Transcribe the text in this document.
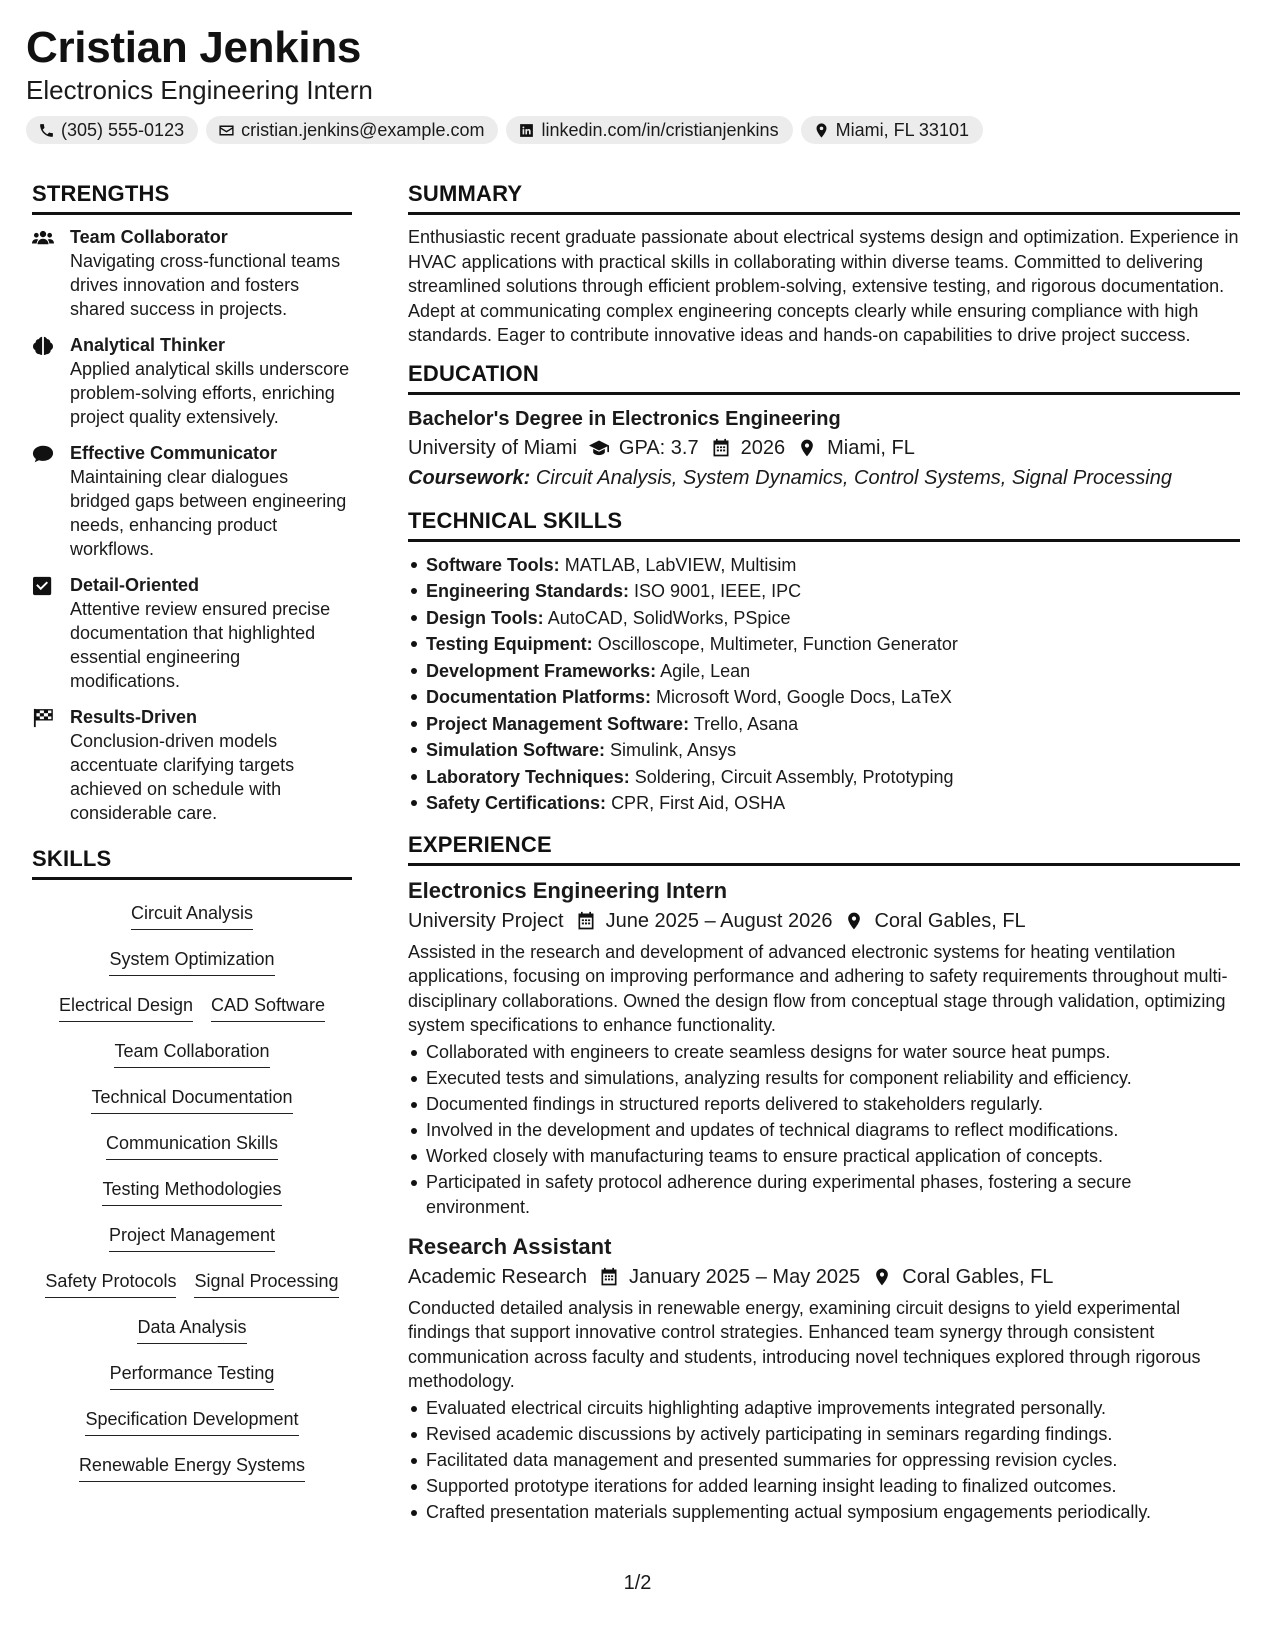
Cristian Jenkins
Electronics Engineering Intern
(305) 555-0123	cristian.jenkins@example.com	linkedin.com/in/cristianjenkins	Miami, FL 33101
STRENGTHS
Team Collaborator
Navigating cross-functional teams drives innovation and fosters shared success in projects.
Analytical Thinker
Applied analytical skills underscore problem-solving efforts, enriching project quality extensively.
Effective Communicator
Maintaining clear dialogues bridged gaps between engineering needs, enhancing product workflows.
Detail-Oriented
Attentive review ensured precise documentation that highlighted essential engineering modifications.
Results-Driven
Conclusion-driven models accentuate clarifying targets achieved on schedule with considerable care.
SKILLS
Circuit Analysis
System Optimization
Electrical Design CAD Software
Team Collaboration
Technical Documentation
Communication Skills
Testing Methodologies
Project Management
Safety Protocols Signal Processing
Data Analysis
Performance Testing
Specification Development
Renewable Energy Systems
SUMMARY
Enthusiastic recent graduate passionate about electrical systems design and optimization. Experience in HVAC applications with practical skills in collaborating within diverse teams. Committed to delivering streamlined solutions through efficient problem-solving, extensive testing, and rigorous documentation. Adept at communicating complex engineering concepts clearly while ensuring compliance with high standards. Eager to contribute innovative ideas and hands-on capabilities to drive project success.
EDUCATION
Bachelor's Degree in Electronics Engineering
University of Miami GPA: 3.7 2026 Miami, FL
Coursework: Circuit Analysis, System Dynamics, Control Systems, Signal Processing
TECHNICAL SKILLS
Software Tools: MATLAB, LabVIEW, Multisim
Engineering Standards: ISO 9001, IEEE, IPC
Design Tools: AutoCAD, SolidWorks, PSpice
Testing Equipment: Oscilloscope, Multimeter, Function Generator
Development Frameworks: Agile, Lean
Documentation Platforms: Microsoft Word, Google Docs, LaTeX
Project Management Software: Trello, Asana
Simulation Software: Simulink, Ansys
Laboratory Techniques: Soldering, Circuit Assembly, Prototyping
Safety Certifications: CPR, First Aid, OSHA
EXPERIENCE
Electronics Engineering Intern
University Project June 2025 – August 2026 Coral Gables, FL
Assisted in the research and development of advanced electronic systems for heating ventilation applications, focusing on improving performance and adhering to safety requirements throughout multi-disciplinary collaborations. Owned the design flow from conceptual stage through validation, optimizing system specifications to enhance functionality.
Collaborated with engineers to create seamless designs for water source heat pumps.
Executed tests and simulations, analyzing results for component reliability and efficiency.
Documented findings in structured reports delivered to stakeholders regularly.
Involved in the development and updates of technical diagrams to reflect modifications.
Worked closely with manufacturing teams to ensure practical application of concepts.
Participated in safety protocol adherence during experimental phases, fostering a secure environment.
Research Assistant
Academic Research January 2025 – May 2025 Coral Gables, FL
Conducted detailed analysis in renewable energy, examining circuit designs to yield experimental findings that support innovative control strategies. Enhanced team synergy through consistent communication across faculty and students, introducing novel techniques explored through rigorous methodology.
Evaluated electrical circuits highlighting adaptive improvements integrated personally.
Revised academic discussions by actively participating in seminars regarding findings.
Facilitated data management and presented summaries for oppressing revision cycles.
Supported prototype iterations for added learning insight leading to finalized outcomes.
Crafted presentation materials supplementing actual symposium engagements periodically.
1/2
